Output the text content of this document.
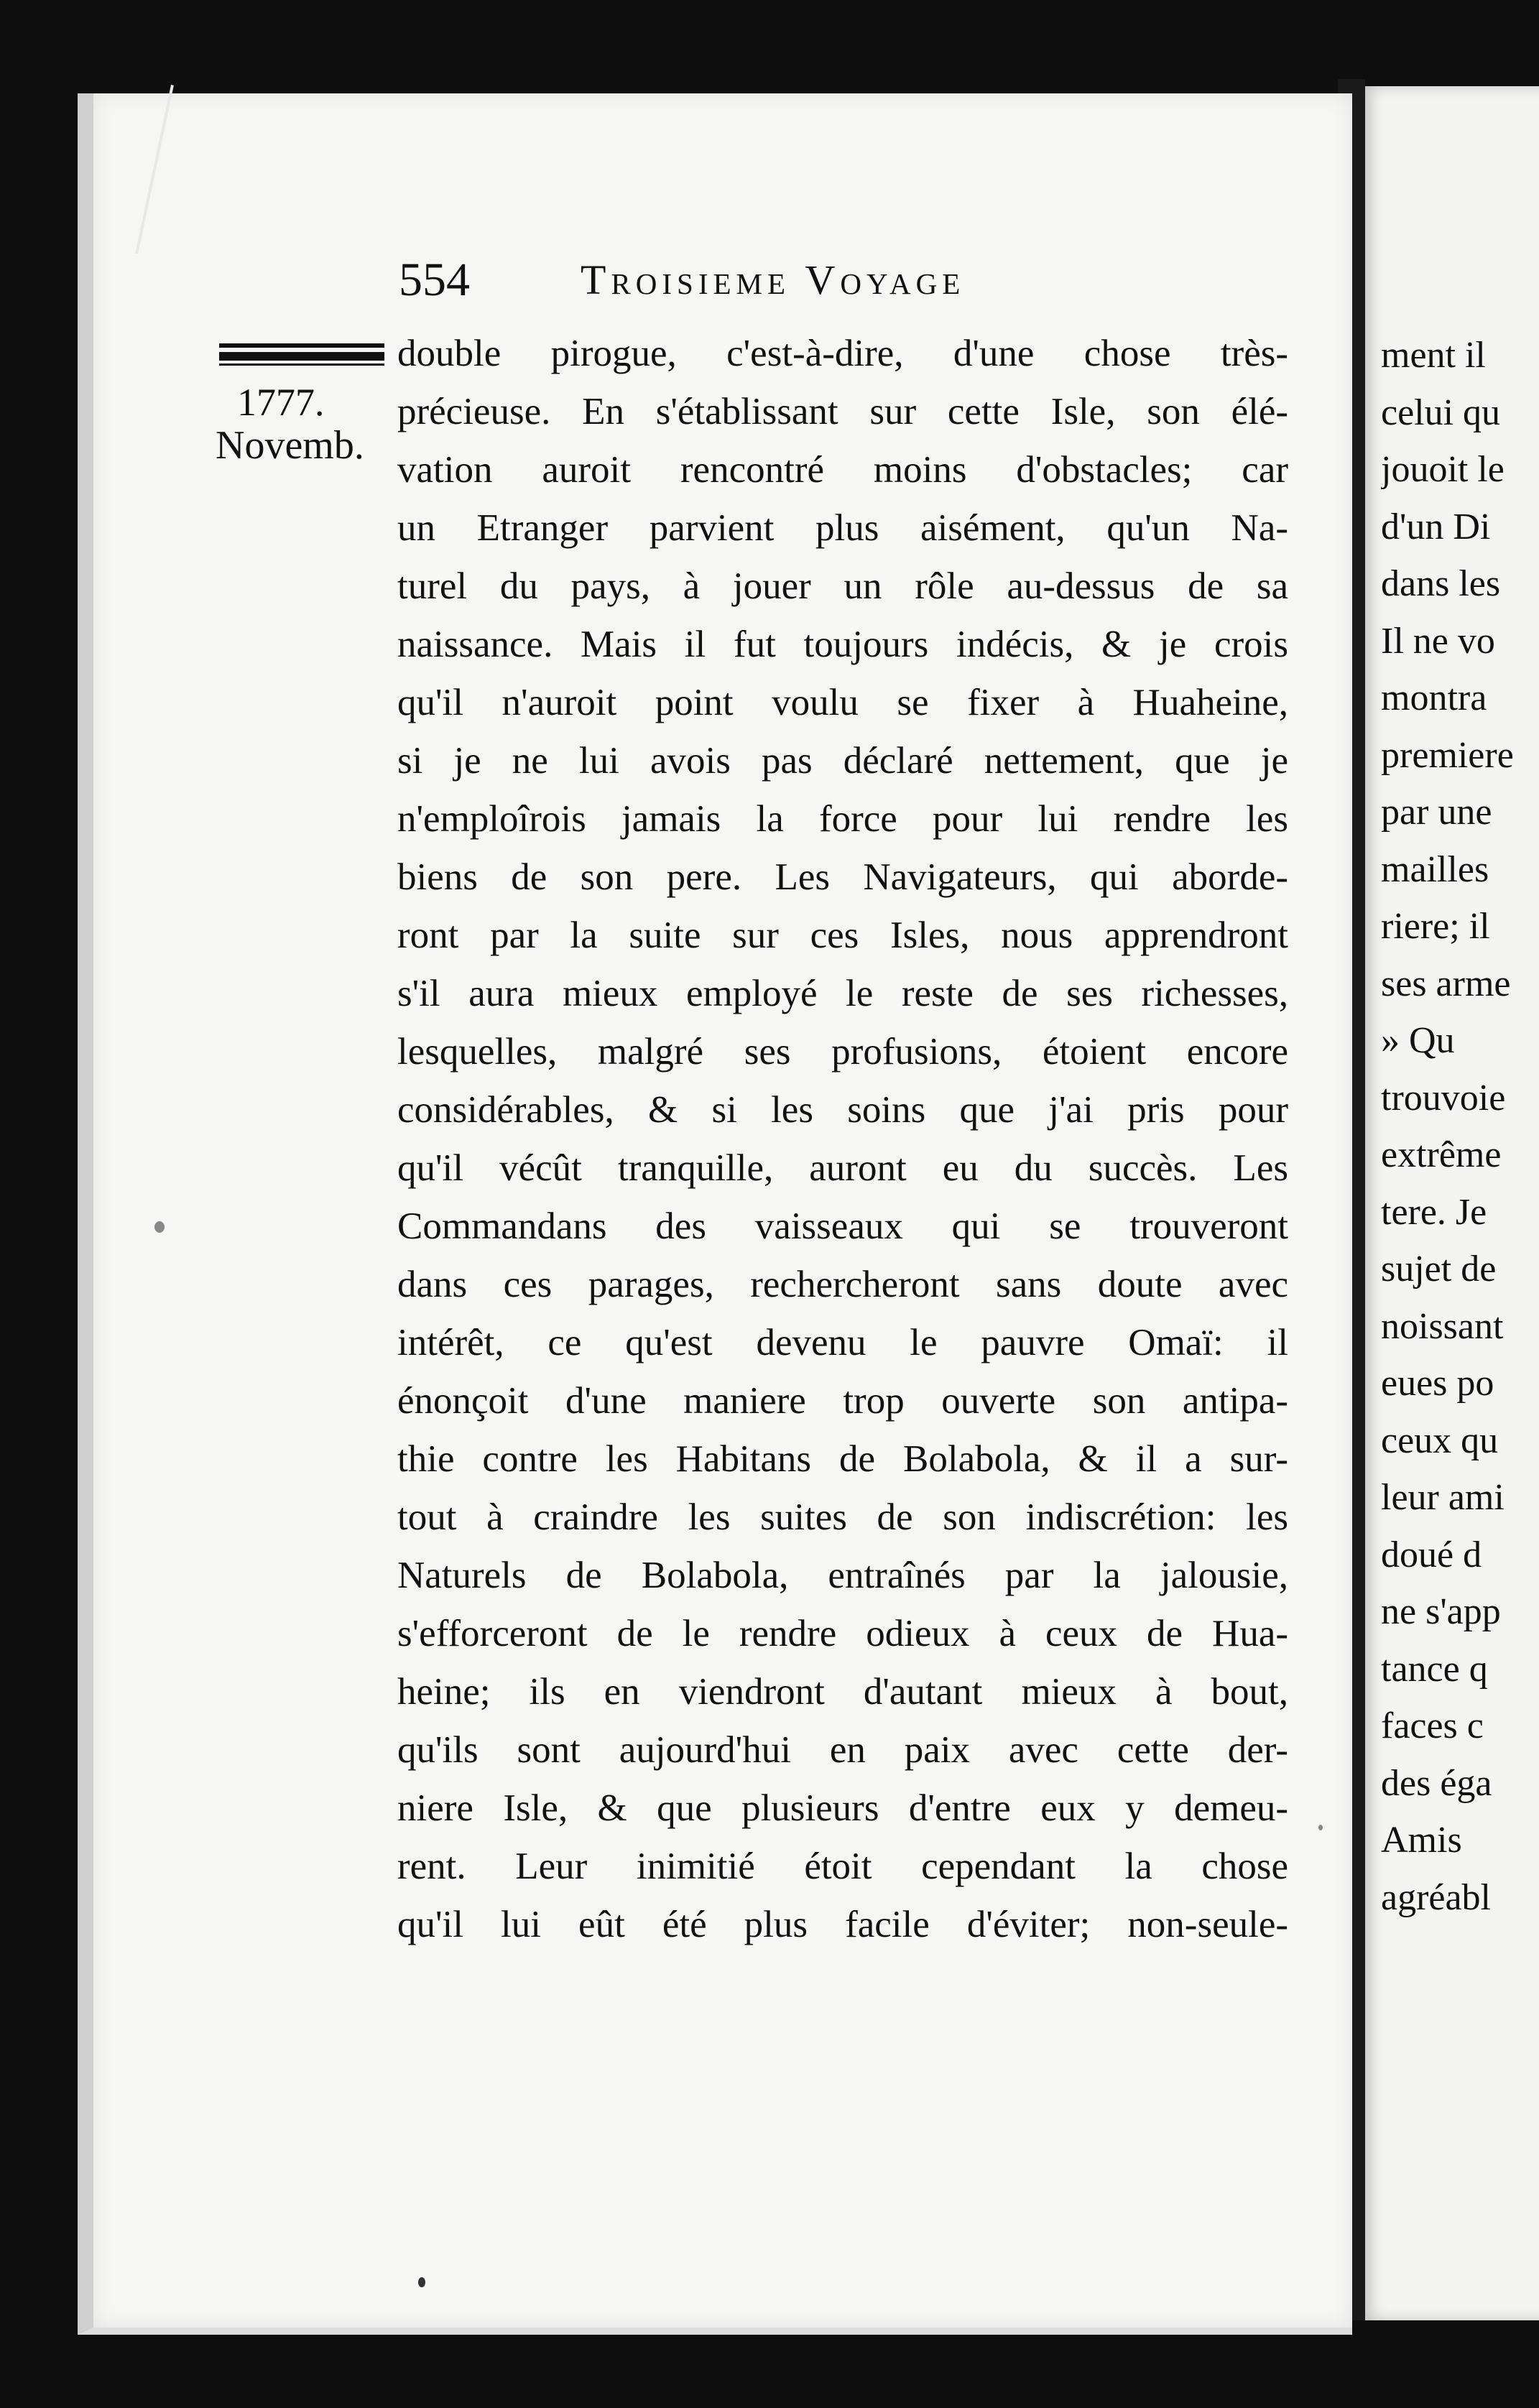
554	Troisieme Voyage
1777.
Novemb.
double pirogue, c'est-à-dire, d'une chose très-
précieuse. En s'établissant sur cette Isle, son élé-
vation auroit rencontré moins d'obstacles; car
un Etranger parvient plus aisément, qu'un Na-
turel du pays, à jouer un rôle au-dessus de sa
naissance. Mais il fut toujours indécis, & je crois
qu'il n'auroit point voulu se fixer à Huaheine,
si je ne lui avois pas déclaré nettement, que je
n'emploîrois jamais la force pour lui rendre les
biens de son pere. Les Navigateurs, qui aborde-
ront par la suite sur ces Isles, nous apprendront
s'il aura mieux employé le reste de ses richesses,
lesquelles, malgré ses profusions, étoient encore
considérables, & si les soins que j'ai pris pour
qu'il vécût tranquille, auront eu du succès. Les
Commandans des vaisseaux qui se trouveront
dans ces parages, rechercheront sans doute avec
intérêt, ce qu'est devenu le pauvre Omaï: il
énonçoit d'une maniere trop ouverte son antipa-
thie contre les Habitans de Bolabola, & il a sur-
tout à craindre les suites de son indiscrétion: les
Naturels de Bolabola, entraînés par la jalousie,
s'efforceront de le rendre odieux à ceux de Hua-
heine; ils en viendront d'autant mieux à bout,
qu'ils sont aujourd'hui en paix avec cette der-
niere Isle, & que plusieurs d'entre eux y demeu-
rent. Leur inimitié étoit cependant la chose
qu'il lui eût été plus facile d'éviter; non-seule-
ment il
celui qu
jouoit le
d'un Di
dans les
Il ne vo
montra
premiere
par une
mailles
riere; il
ses arme
» Qu
trouvoie
extrême
tere. Je
sujet de
noissant
eues po
ceux qu
leur ami
doué d
ne s'app
tance q
faces c
des éga
Amis
agréabl
